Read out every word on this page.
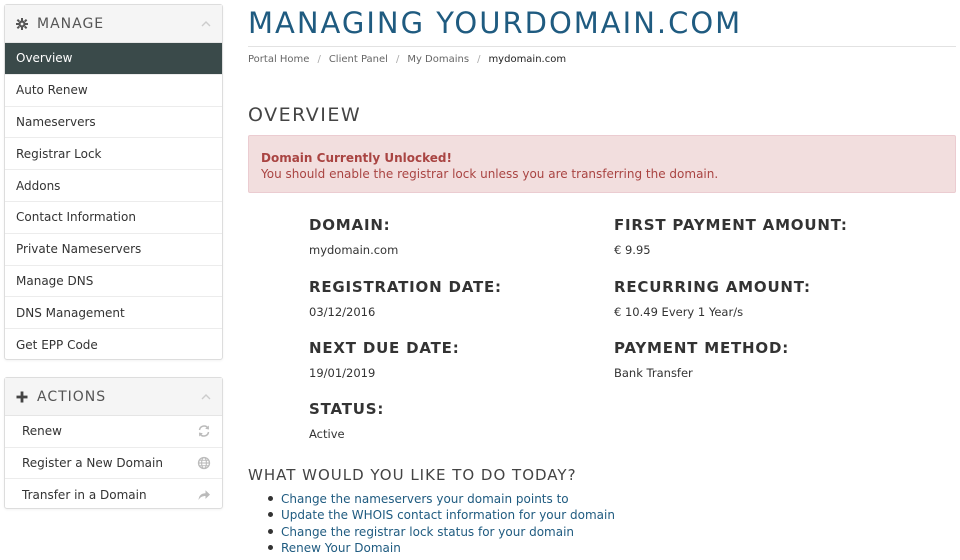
MANAGE
Overview
Auto Renew
Nameservers
Registrar Lock
Addons
Contact Information
Private Nameservers
Manage DNS
DNS Management
Get EPP Code
ACTIONS
Renew
Register a New Domain
Transfer in a Domain
MANAGING YOURDOMAIN.COM
Portal Home / Client Panel / My Domains / mydomain.com
OVERVIEW
Domain Currently Unlocked!
You should enable the registrar lock unless you are transferring the domain.
DOMAIN:
mydomain.com
REGISTRATION DATE:
03/12/2016
NEXT DUE DATE:
19/01/2019
STATUS:
Active
FIRST PAYMENT AMOUNT:
€ 9.95
RECURRING AMOUNT:
€ 10.49 Every 1 Year/s
PAYMENT METHOD:
Bank Transfer
WHAT WOULD YOU LIKE TO DO TODAY?
Change the nameservers your domain points to
Update the WHOIS contact information for your domain
Change the registrar lock status for your domain
Renew Your Domain
